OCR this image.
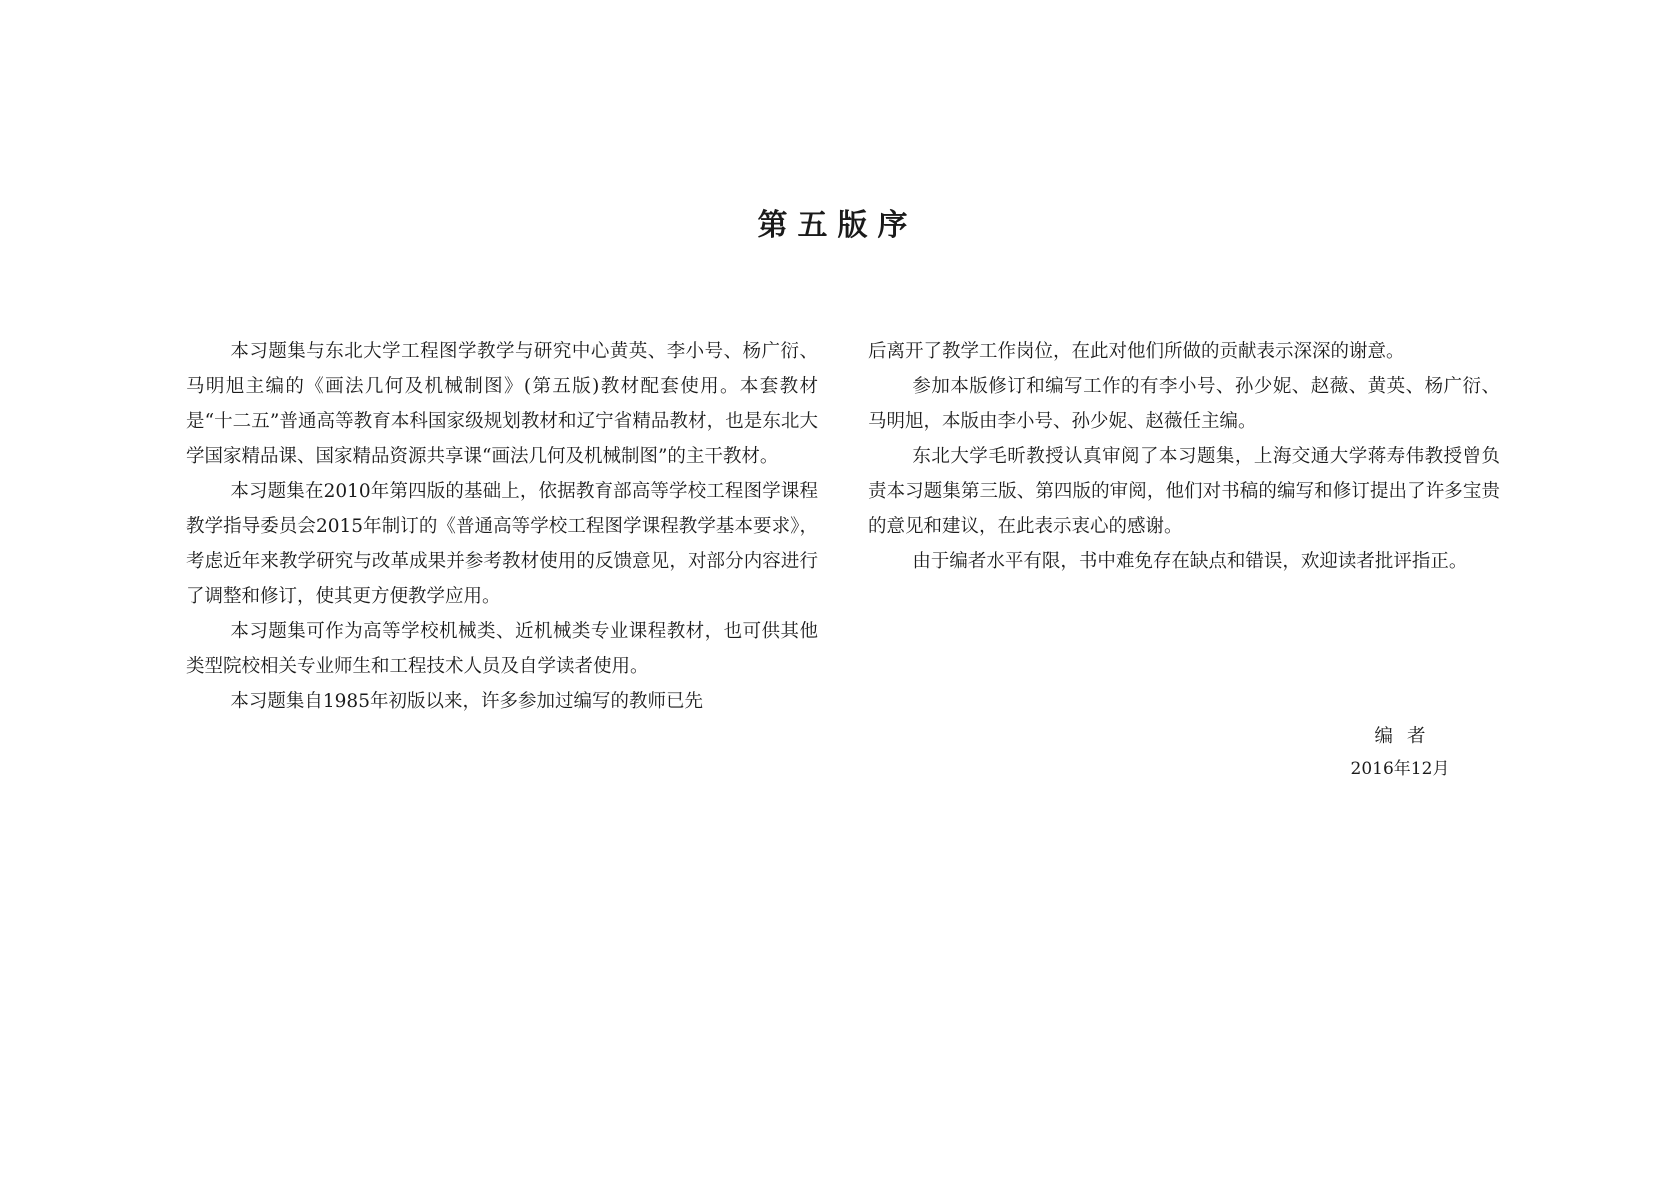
第五版序

本习题集与东北大学工程图学教学与研究中心黄英、李小号、杨广衍、马明旭主编的《画法几何及机械制图》(第五版)教材配套使用。本套教材是“十二五”普通高等教育本科国家级规划教材和辽宁省精品教材，也是东北大学国家精品课、国家精品资源共享课“画法几何及机械制图”的主干教材。

本习题集在2010年第四版的基础上，依据教育部高等学校工程图学课程教学指导委员会2015年制订的《普通高等学校工程图学课程教学基本要求》，考虑近年来教学研究与改革成果并参考教材使用的反馈意见，对部分内容进行了调整和修订，使其更方便教学应用。

本习题集可作为高等学校机械类、近机械类专业课程教材，也可供其他类型院校相关专业师生和工程技术人员及自学读者使用。

本习题集自1985年初版以来，许多参加过编写的教师已先

后离开了教学工作岗位，在此对他们所做的贡献表示深深的谢意。

参加本版修订和编写工作的有李小号、孙少妮、赵薇、黄英、杨广衍、马明旭，本版由李小号、孙少妮、赵薇任主编。

东北大学毛昕教授认真审阅了本习题集，上海交通大学蒋寿伟教授曾负责本习题集第三版、第四版的审阅，他们对书稿的编写和修订提出了许多宝贵的意见和建议，在此表示衷心的感谢。

由于编者水平有限，书中难免存在缺点和错误，欢迎读者批评指正。

编者
2016年12月
